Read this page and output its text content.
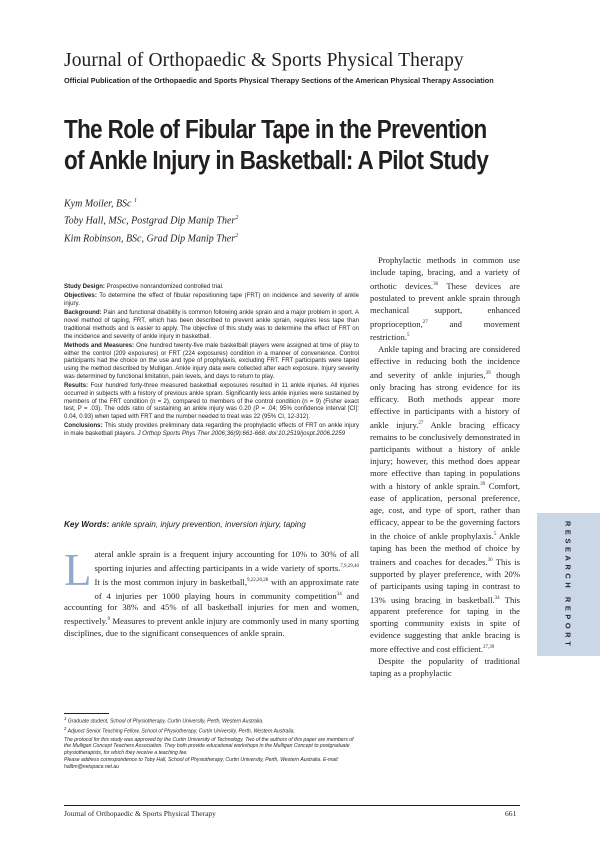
Journal of Orthopaedic & Sports Physical Therapy
Official Publication of the Orthopaedic and Sports Physical Therapy Sections of the American Physical Therapy Association
The Role of Fibular Tape in the Prevention
of Ankle Injury in Basketball: A Pilot Study
Kym Moiler, BSc $^1$
Toby Hall, MSc, Postgrad Dip Manip Ther$^2$
Kim Robinson, BSc, Grad Dip Manip Ther$^2$

Study Design: Prospective nonrandomized controlled trial.

Objectives: To determine the effect of fibular repositioning tape (FRT) on incidence and severity of ankle injury.

Background: Pain and functional disability is common following ankle sprain and a major problem in sport. A novel method of taping, FRT, which has been described to prevent ankle sprain, requires less tape than traditional methods and is easier to apply. The objective of this study was to determine the effect of FRT on the incidence and severity of ankle injury in basketball.

Methods and Measures: One hundred twenty-five male basketball players were assigned at time of play to either the control (209 exposures) or FRT (224 exposures) condition in a manner of convenience. Control participants had the choice on the use and type of prophylaxis, excluding FRT. FRT participants were taped using the method described by Mulligan. Ankle injury data were collected after each exposure. Injury severity was determined by functional limitation, pain levels, and days to return to play.

Results: Four hundred forty-three measured basketball exposures resulted in 11 ankle injuries. All injuries occurred in subjects with a history of previous ankle sprain. Significantly less ankle injuries were sustained by members of the FRT condition (n = 2), compared to members of the control condition (n = 9) (Fisher exact test, P = .03). The odds ratio of sustaining an ankle injury was 0.20 (P = .04; 95% confidence interval [CI]: 0.04, 0.93) when taped with FRT and the number needed to treat was 22 (95% CI, 12-312).

Conclusions: This study provides preliminary data regarding the prophylactic effects of FRT on ankle injury in male basketball players. J Orthop Sports Phys Ther 2006;36(9):661-668. doi:10.2519/jospt.2006.2259

Key Words: ankle sprain, injury prevention, inversion injury, taping
Lateral ankle sprain is a frequent injury accounting for 10% to 30% of all sporting injuries and affecting participants in a wide variety of sports.$^{7,9,29,40}$ It is the most common injury in basketball,$^{9,22,26,28}$ with an approximate rate of 4 injuries per 1000 playing hours in community competition$^{34}$ and accounting for 38% and 45% of all basketball injuries for men and women, respectively.$^9$ Measures to prevent ankle injury are commonly used in many sporting disciplines, due to the significant consequences of ankle sprain.

$^1$ Graduate student, School of Physiotherapy, Curtin University, Perth, Western Australia.

$^2$ Adjunct Senior Teaching Fellow, School of Physiotherapy, Curtin University, Perth, Western Australia.

The protocol for this study was approved by the Curtin University of Technology. Two of the authors of this paper are members of the Mulligan Concept Teachers Association. They both provide educational workshops in the Mulligan Concept to postgraduate physiotherapists, for which they receive a teaching fee.

Please address correspondence to Toby Hall, School of Physiotherapy, Curtin University, Perth, Western Australia. E-mail: halltm@netspace.net.au

Prophylactic methods in common use include taping, bracing, and a variety of orthotic devices.$^{36}$ These devices are postulated to prevent ankle sprain through mechanical support, enhanced proprioception,$^{27}$ and movement restriction.$^5$

Ankle taping and bracing are considered effective in reducing both the incidence and severity of ankle injuries,$^{39}$ though only bracing has strong evidence for its efficacy. Both methods appear more effective in participants with a history of ankle injury.$^{27}$ Ankle bracing efficacy remains to be conclusively demonstrated in participants without a history of ankle injury; however, this method does appear more effective than taping in populations with a history of ankle sprain.$^{39}$ Comfort, ease of application, personal preference, age, cost, and type of sport, rather than efficacy, appear to be the governing factors in the choice of ankle prophylaxis.$^5$ Ankle taping has been the method of choice by trainers and coaches for decades.$^{36}$ This is supported by player preference, with 20% of participants using taping in contrast to 13% using bracing in basketball.$^{34}$ This apparent preference for taping in the sporting community exists in spite of evidence suggesting that ankle bracing is more effective and cost efficient.$^{27,39}$

Despite the popularity of traditional taping as a prophylactic

RESEARCH REPORT
Journal of Orthopaedic & Sports Physical Therapy	661
